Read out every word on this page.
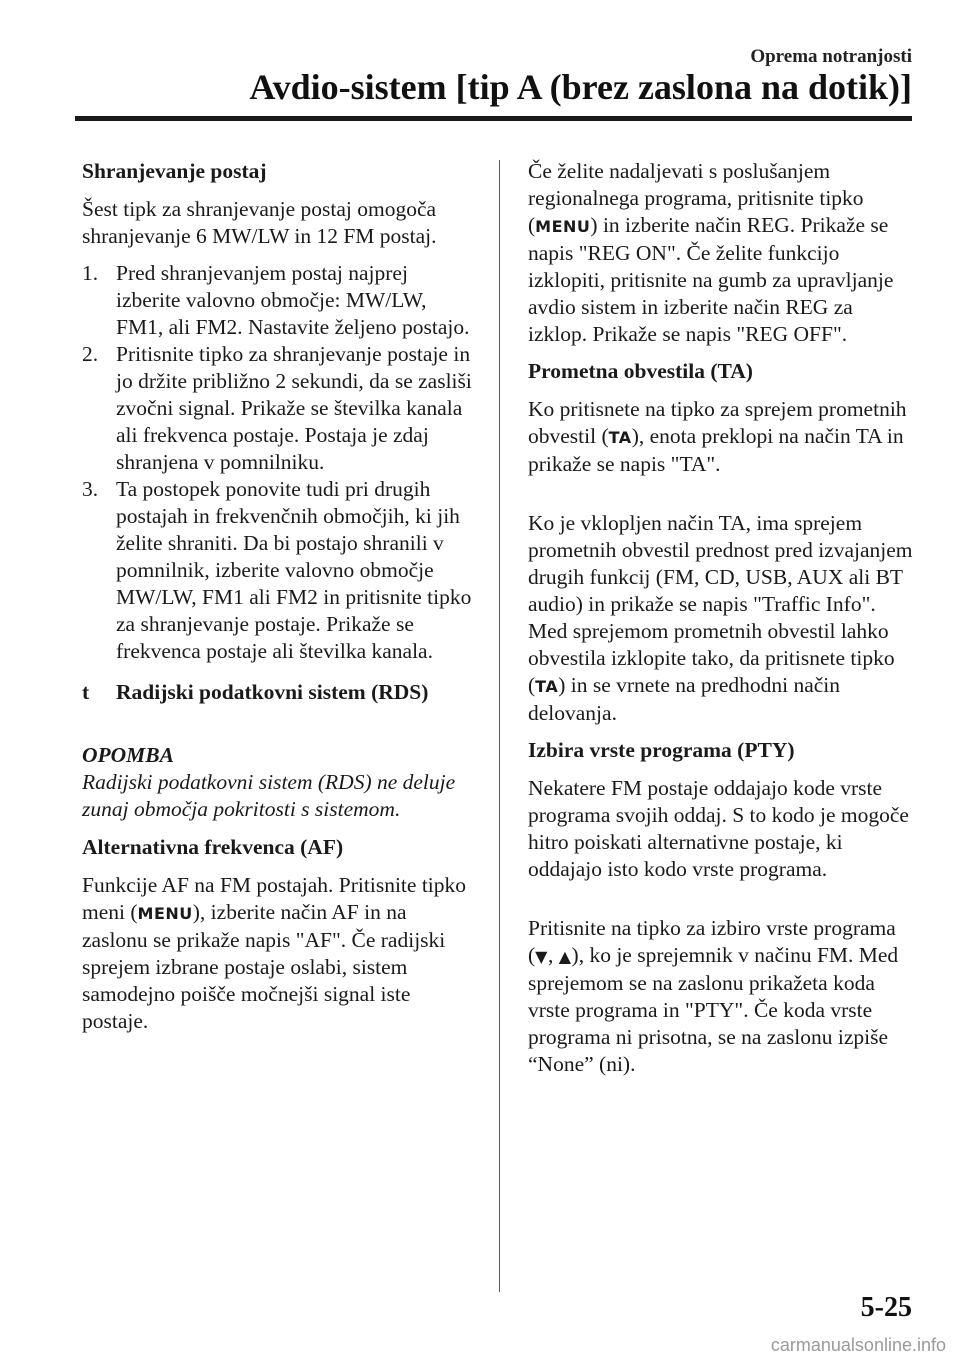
Oprema notranjosti
Avdio-sistem [tip A (brez zaslona na dotik)]
Shranjevanje postaj

Šest tipk za shranjevanje postaj omogoča shranjevanje 6 MW/LW in 12 FM postaj.

1. Pred shranjevanjem postaj najprej izberite valovno območje: MW/LW, FM1, ali FM2. Nastavite željeno postajo.
2. Pritisnite tipko za shranjevanje postaje in jo držite približno 2 sekundi, da se zasliši zvočni signal. Prikaže se številka kanala ali frekvenca postaje. Postaja je zdaj shranjena v pomnilniku.
3. Ta postopek ponovite tudi pri drugih postajah in frekvenčnih območjih, ki jih želite shraniti. Da bi postajo shranili v pomnilnik, izberite valovno območje MW/LW, FM1 ali FM2 in pritisnite tipko za shranjevanje postaje. Prikaže se frekvenca postaje ali številka kanala.
t Radijski podatkovni sistem (RDS)

OPOMBA

Radijski podatkovni sistem (RDS) ne deluje zunaj območja pokritosti s sistemom.

Alternativna frekvenca (AF)

Funkcije AF na FM postajah. Pritisnite tipko meni (MENU), izberite način AF in na zaslonu se prikaže napis "AF". Če radijski sprejem izbrane postaje oslabi, sistem samodejno poišče močnejši signal iste postaje.

Če želite nadaljevati s poslušanjem regionalnega programa, pritisnite tipko (MENU) in izberite način REG. Prikaže se napis "REG ON". Če želite funkcijo izklopiti, pritisnite na gumb za upravljanje avdio sistem in izberite način REG za izklop. Prikaže se napis "REG OFF".

Prometna obvestila (TA)

Ko pritisnete na tipko za sprejem prometnih obvestil (TA), enota preklopi na način TA in prikaže se napis "TA".

Ko je vklopljen način TA, ima sprejem prometnih obvestil prednost pred izvajanjem drugih funkcij (FM, CD, USB, AUX ali BT audio) in prikaže se napis "Traffic Info".

Med sprejemom prometnih obvestil lahko obvestila izklopite tako, da pritisnete tipko (TA) in se vrnete na predhodni način delovanja.

Izbira vrste programa (PTY)

Nekatere FM postaje oddajajo kode vrste programa svojih oddaj. S to kodo je mogoče hitro poiskati alternativne postaje, ki oddajajo isto kodo vrste programa.

Pritisnite na tipko za izbiro vrste programa (▼, ▲), ko je sprejemnik v načinu FM. Med sprejemom se na zaslonu prikažeta koda vrste programa in "PTY". Če koda vrste programa ni prisotna, se na zaslonu izpiše “None” (ni).

5-25
carmanualsonline.info
